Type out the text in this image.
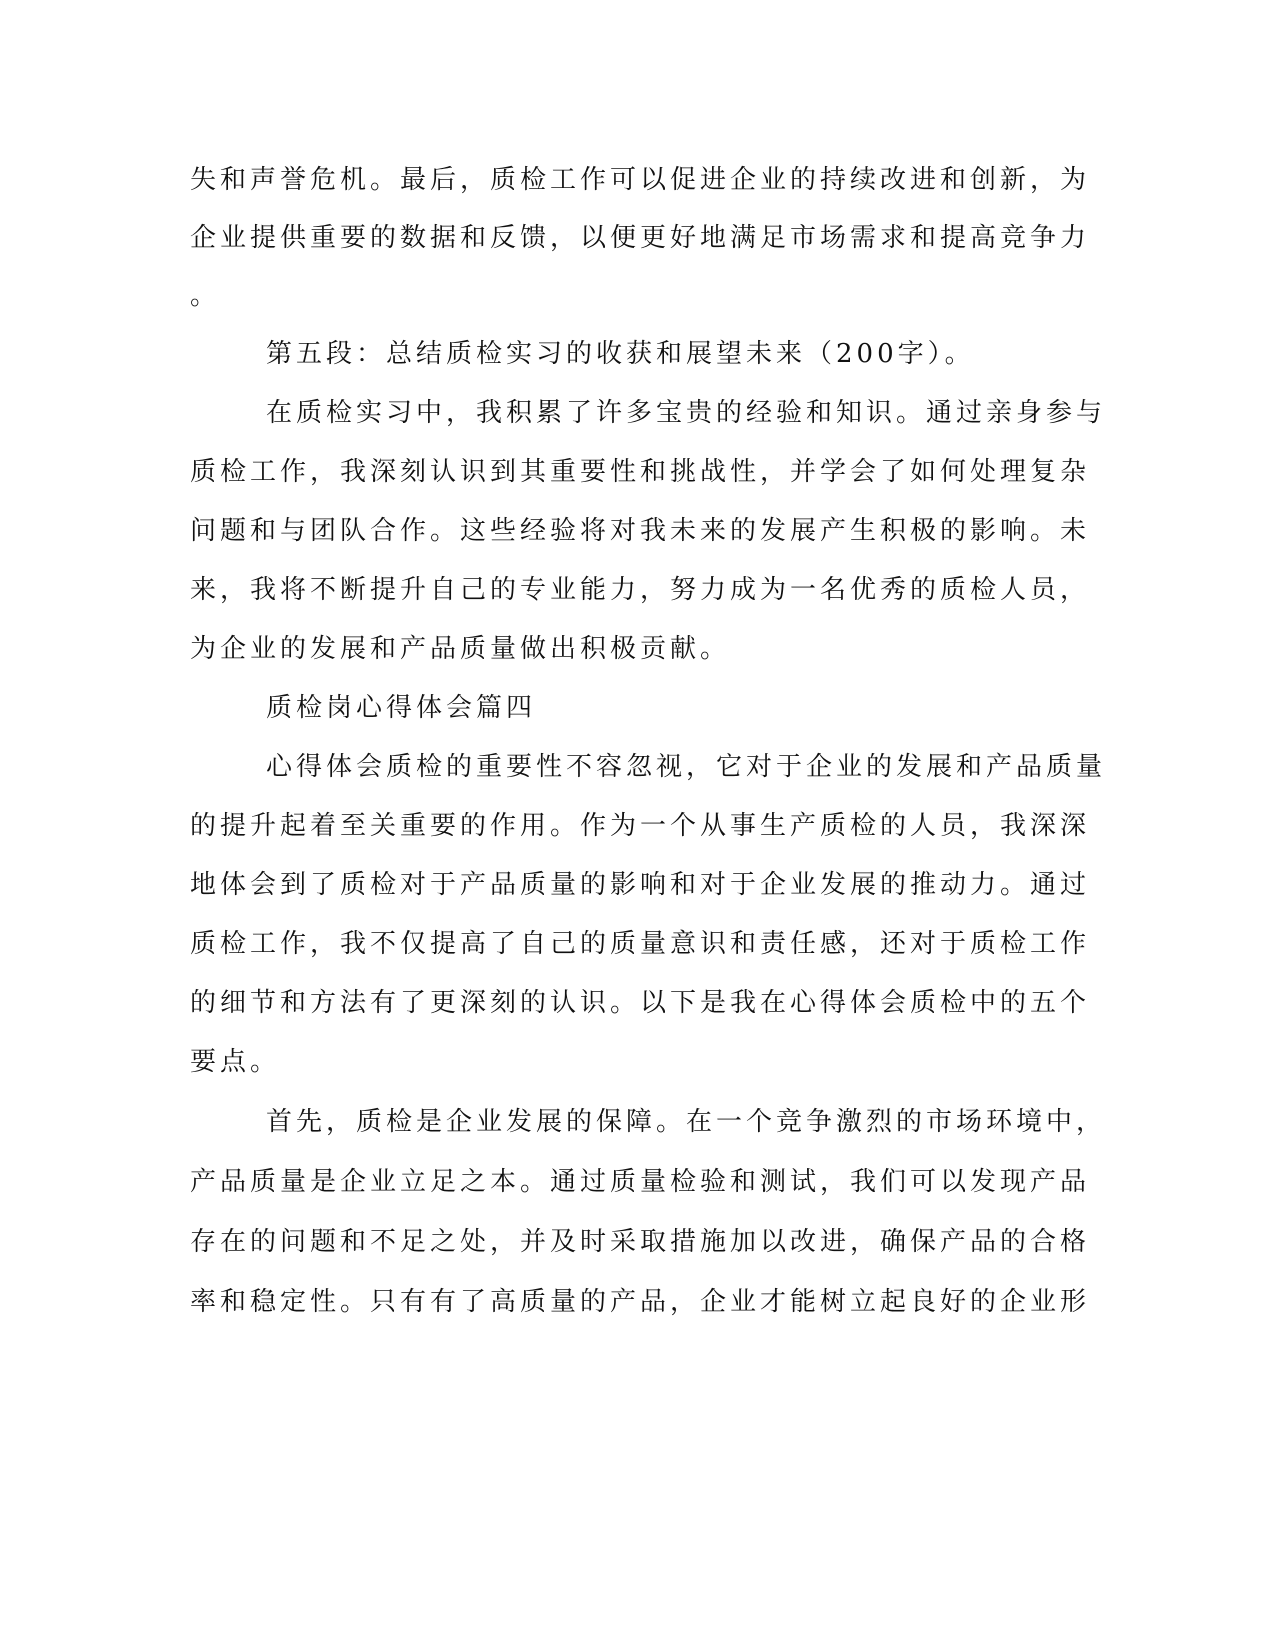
失和声誉危机。最后，质检工作可以促进企业的持续改进和创新，为
企业提供重要的数据和反馈，以便更好地满足市场需求和提高竞争力
。
第五段：总结质检实习的收获和展望未来（200字）。
在质检实习中，我积累了许多宝贵的经验和知识。通过亲身参与
质检工作，我深刻认识到其重要性和挑战性，并学会了如何处理复杂
问题和与团队合作。这些经验将对我未来的发展产生积极的影响。未
来，我将不断提升自己的专业能力，努力成为一名优秀的质检人员，
为企业的发展和产品质量做出积极贡献。
质检岗心得体会篇四
心得体会质检的重要性不容忽视，它对于企业的发展和产品质量
的提升起着至关重要的作用。作为一个从事生产质检的人员，我深深
地体会到了质检对于产品质量的影响和对于企业发展的推动力。通过
质检工作，我不仅提高了自己的质量意识和责任感，还对于质检工作
的细节和方法有了更深刻的认识。以下是我在心得体会质检中的五个
要点。
首先，质检是企业发展的保障。在一个竞争激烈的市场环境中，
产品质量是企业立足之本。通过质量检验和测试，我们可以发现产品
存在的问题和不足之处，并及时采取措施加以改进，确保产品的合格
率和稳定性。只有有了高质量的产品，企业才能树立起良好的企业形
